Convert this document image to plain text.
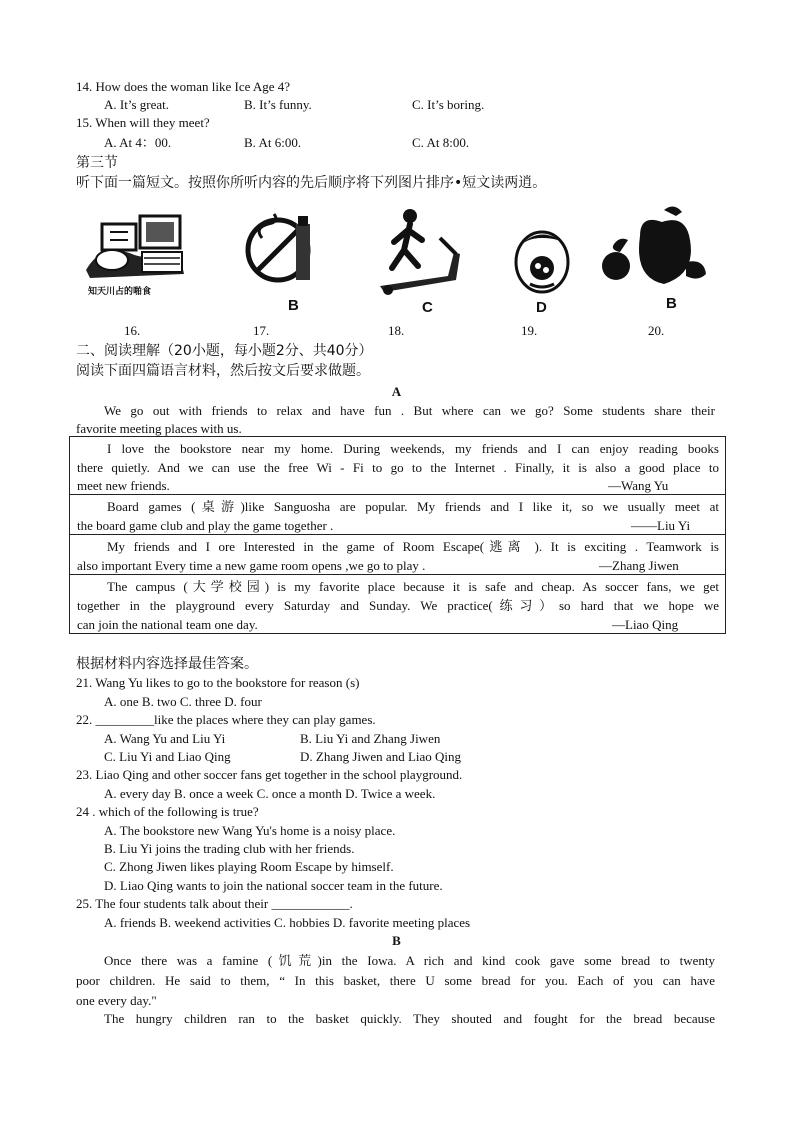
14. How does the woman like Ice Age 4?
A. It’s great.	B. It’s funny.	C. It’s boring.
15. When will they meet?
A. At 4：00.	B. At 6:00.	C. At 8:00.
第三节
听下面一篇短文。按照你所听内容的先后顺序将下列图片排序•短文读两逍。
知天川占的啪食
B	C	D	B
16.	17.	18.	19.	20.
二、阅读理解（20小题，每小题2分、共40分）
阅读下面四篇语言材料，然后按文后要求做题。
A
We go out with friends to relax and have fun . But where can we go? Some students share their
favorite meeting places with us.
I love the bookstore near my home. During weekends, my friends and I can enjoy reading books
there quietly. And we can use the free Wi - Fi to go to the Internet . Finally, it is also a good place to
meet new friends.	—Wang Yu
Board games (桌游)like Sanguosha are popular. My friends and I like it, so we usually meet at
the board game club and play the game together .	——Liu Yi
My friends and I ore Interested in the game of Room Escape(逃离 ). It is exciting . Teamwork is
also important Every time a new game room opens ,we go to play .	—Zhang Jiwen
The campus (大学校园) is my favorite place because it is safe and cheap. As soccer fans, we get
together in the playground every Saturday and Sunday. We practice(练习）so hard that we hope we
can join the national team one day.	—Liao Qing
根据材料内容选择最佳答案。
21. Wang Yu likes to go to the bookstore for reason (s)
A. one B. two C. three D. four
22. _________like the places where they can play games.
A. Wang Yu and Liu Yi	B. Liu Yi and Zhang Jiwen
C. Liu Yi and Liao Qing	D. Zhang Jiwen and Liao Qing
23. Liao Qing and other soccer fans get together in the school playground.
A. every day B. once a week C. once a month D. Twice a week.
24 . which of the following is true?
A. The bookstore new Wang Yu's home is a noisy place.
B. Liu Yi joins the trading club with her friends.
C. Zhong Jiwen likes playing Room Escape by himself.
D. Liao Qing wants to join the national soccer team in the future.
25. The four students talk about their ____________.
A. friends B. weekend activities C. hobbies D. favorite meeting places
B
Once there was a famine (饥荒)in the Iowa. A rich and kind cook gave some bread to twenty
poor children. He said to them, “ In this basket, there U some bread for you. Each of you can have
one every day."
The hungry children ran to the basket quickly. They shouted and fought for the bread because
